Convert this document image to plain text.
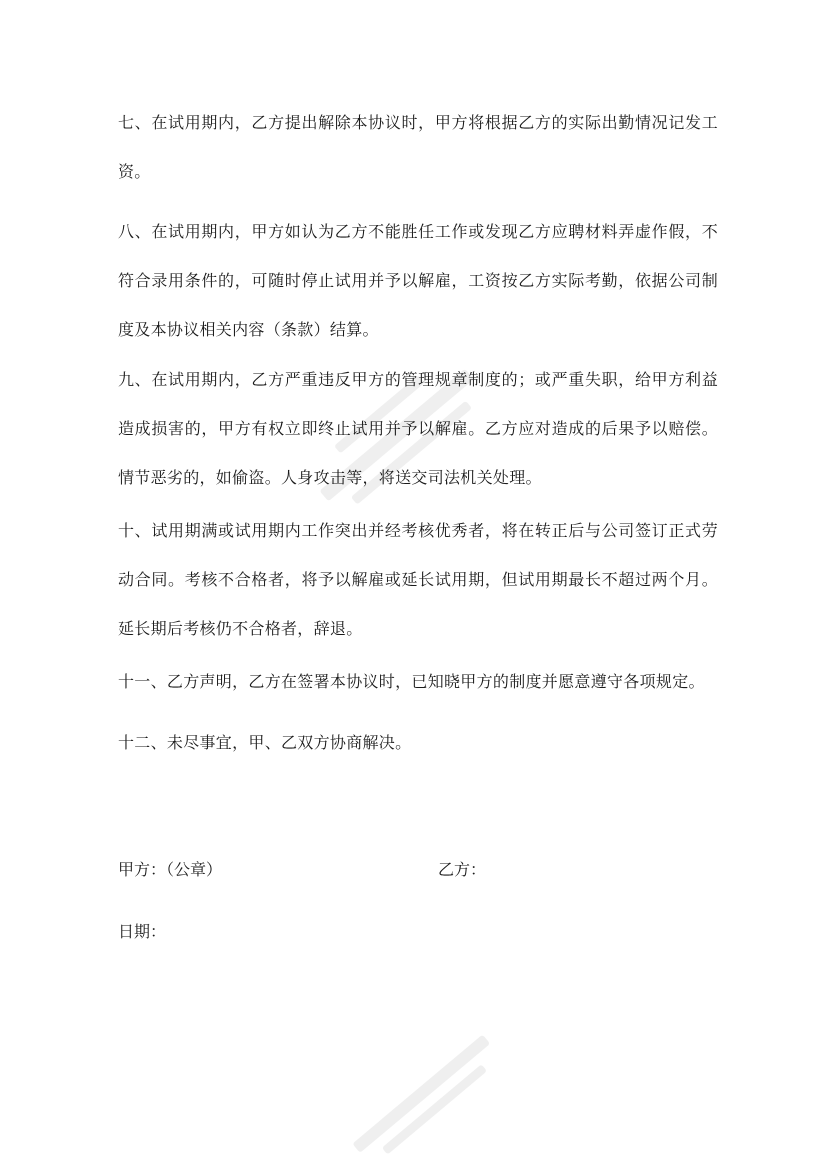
七、在试用期内，乙方提出解除本协议时，甲方将根据乙方的实际出勤情况记发工资。

八、在试用期内，甲方如认为乙方不能胜任工作或发现乙方应聘材料弄虚作假，不符合录用条件的，可随时停止试用并予以解雇，工资按乙方实际考勤，依据公司制度及本协议相关内容（条款）结算。

九、在试用期内，乙方严重违反甲方的管理规章制度的；或严重失职，给甲方利益造成损害的，甲方有权立即终止试用并予以解雇。乙方应对造成的后果予以赔偿。情节恶劣的，如偷盗。人身攻击等，将送交司法机关处理。

十、试用期满或试用期内工作突出并经考核优秀者，将在转正后与公司签订正式劳动合同。考核不合格者，将予以解雇或延长试用期，但试用期最长不超过两个月。延长期后考核仍不合格者，辞退。

十一、乙方声明，乙方在签署本协议时，已知晓甲方的制度并愿意遵守各项规定。

十二、未尽事宜，甲、乙双方协商解决。

甲方：（公章）	乙方：

日期：
